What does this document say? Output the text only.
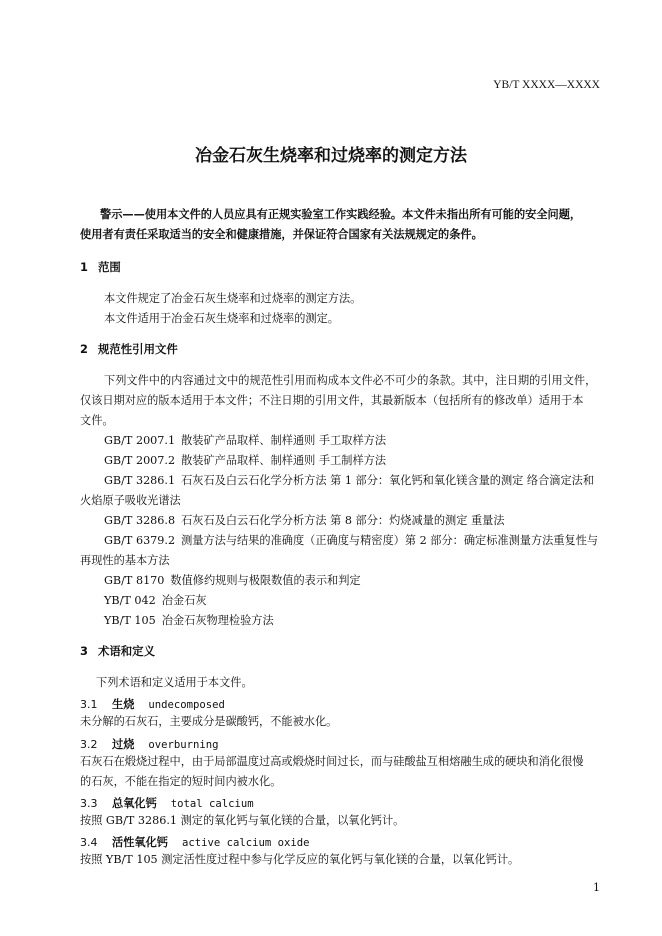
YB/T XXXX—XXXX
冶金石灰生烧率和过烧率的测定方法
警示——使用本文件的人员应具有正规实验室工作实践经验。本文件未指出所有可能的安全问题，
使用者有责任采取适当的安全和健康措施，并保证符合国家有关法规规定的条件。
1 范围
本文件规定了冶金石灰生烧率和过烧率的测定方法。
本文件适用于冶金石灰生烧率和过烧率的测定。
2 规范性引用文件
下列文件中的内容通过文中的规范性引用而构成本文件必不可少的条款。其中，注日期的引用文件，
仅该日期对应的版本适用于本文件；不注日期的引用文件，其最新版本（包括所有的修改单）适用于本
文件。
GB/T 2007.1 散装矿产品取样、制样通则 手工取样方法
GB/T 2007.2 散装矿产品取样、制样通则 手工制样方法
GB/T 3286.1 石灰石及白云石化学分析方法 第 1 部分：氧化钙和氧化镁含量的测定 络合滴定法和
火焰原子吸收光谱法
GB/T 3286.8 石灰石及白云石化学分析方法 第 8 部分：灼烧减量的测定 重量法
GB/T 6379.2 测量方法与结果的准确度（正确度与精密度）第 2 部分：确定标准测量方法重复性与
再现性的基本方法
GB/T 8170 数值修约规则与极限数值的表示和判定
YB/T 042 冶金石灰
YB/T 105 冶金石灰物理检验方法
3 术语和定义
下列术语和定义适用于本文件。
3.1 生烧 undecomposed
未分解的石灰石，主要成分是碳酸钙，不能被水化。
3.2 过烧 overburning
石灰石在煅烧过程中，由于局部温度过高或煅烧时间过长，而与硅酸盐互相熔融生成的硬块和消化很慢
的石灰，不能在指定的短时间内被水化。
3.3 总氧化钙 total calcium
按照 GB/T 3286.1 测定的氧化钙与氧化镁的合量，以氧化钙计。
3.4 活性氧化钙 active calcium oxide
按照 YB/T 105 测定活性度过程中参与化学反应的氧化钙与氧化镁的合量，以氧化钙计。
1
